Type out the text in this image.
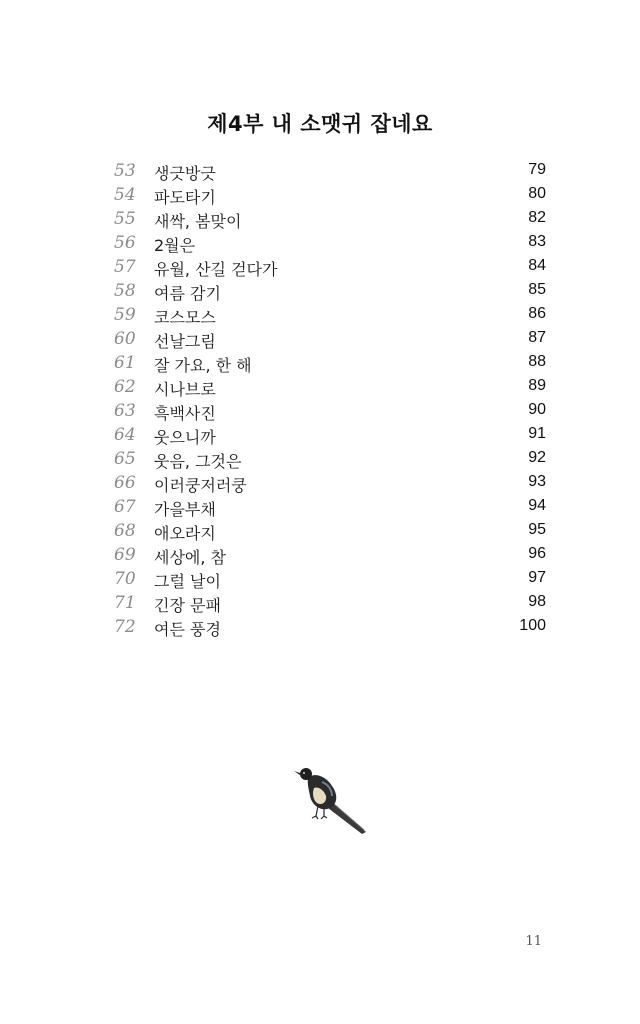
제4부 내 소맷귀 잡네요
53	생긋방긋	79
54	파도타기	80
55	새싹, 봄맞이	82
56	2월은	83
57	유월, 산길 걷다가	84
58	여름 감기	85
59	코스모스	86
60	선날그림	87
61	잘 가요, 한 해	88
62	시나브로	89
63	흑백사진	90
64	웃으니까	91
65	웃음, 그것은	92
66	이러쿵저러쿵	93
67	가을부채	94
68	애오라지	95
69	세상에, 참	96
70	그럴 날이	97
71	긴장 문패	98
72	여든 풍경	100
11
